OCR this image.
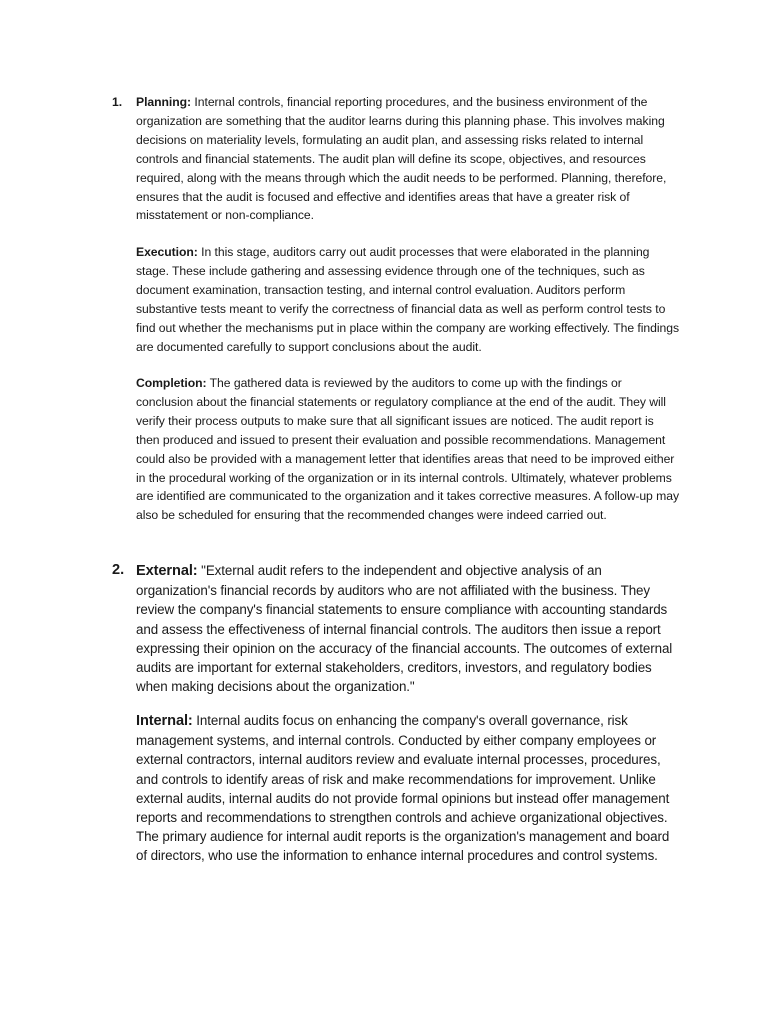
1. Planning: Internal controls, financial reporting procedures, and the business environment of the organization are something that the auditor learns during this planning phase. This involves making decisions on materiality levels, formulating an audit plan, and assessing risks related to internal controls and financial statements. The audit plan will define its scope, objectives, and resources required, along with the means through which the audit needs to be performed. Planning, therefore, ensures that the audit is focused and effective and identifies areas that have a greater risk of misstatement or non-compliance.

Execution: In this stage, auditors carry out audit processes that were elaborated in the planning stage. These include gathering and assessing evidence through one of the techniques, such as document examination, transaction testing, and internal control evaluation. Auditors perform substantive tests meant to verify the correctness of financial data as well as perform control tests to find out whether the mechanisms put in place within the company are working effectively. The findings are documented carefully to support conclusions about the audit.

Completion: The gathered data is reviewed by the auditors to come up with the findings or conclusion about the financial statements or regulatory compliance at the end of the audit. They will verify their process outputs to make sure that all significant issues are noticed. The audit report is then produced and issued to present their evaluation and possible recommendations. Management could also be provided with a management letter that identifies areas that need to be improved either in the procedural working of the organization or in its internal controls. Ultimately, whatever problems are identified are communicated to the organization and it takes corrective measures. A follow-up may also be scheduled for ensuring that the recommended changes were indeed carried out.

2. External: "External audit refers to the independent and objective analysis of an organization's financial records by auditors who are not affiliated with the business. They review the company's financial statements to ensure compliance with accounting standards and assess the effectiveness of internal financial controls. The auditors then issue a report expressing their opinion on the accuracy of the financial accounts. The outcomes of external audits are important for external stakeholders, creditors, investors, and regulatory bodies when making decisions about the organization."

Internal: Internal audits focus on enhancing the company's overall governance, risk management systems, and internal controls. Conducted by either company employees or external contractors, internal auditors review and evaluate internal processes, procedures, and controls to identify areas of risk and make recommendations for improvement. Unlike external audits, internal audits do not provide formal opinions but instead offer management reports and recommendations to strengthen controls and achieve organizational objectives. The primary audience for internal audit reports is the organization's management and board of directors, who use the information to enhance internal procedures and control systems.
